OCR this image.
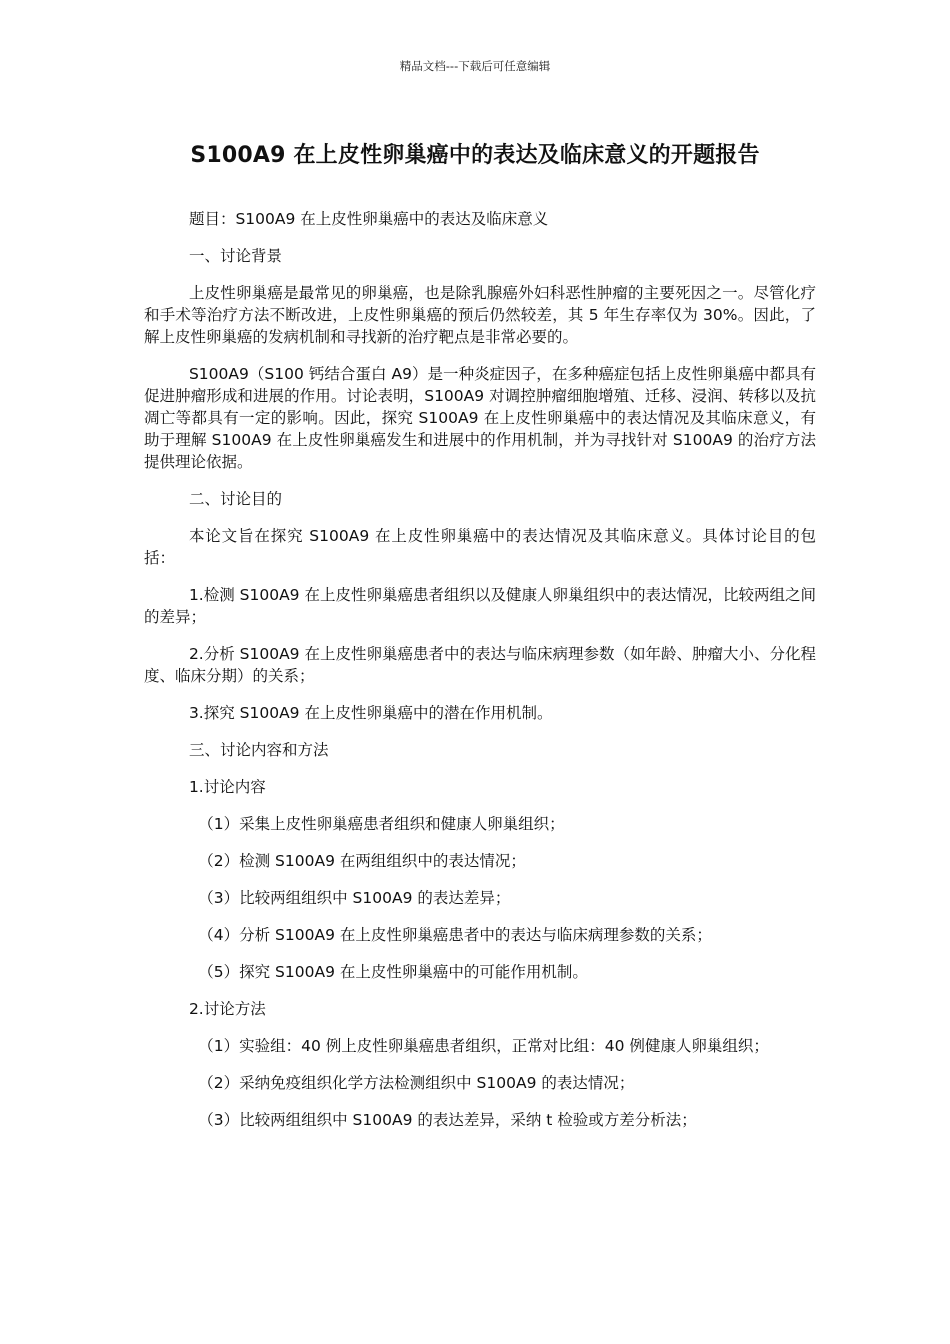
精品文档---下载后可任意编辑
S100A9 在上皮性卵巢癌中的表达及临床意义的开题报告

题目：S100A9 在上皮性卵巢癌中的表达及临床意义

一、讨论背景

上皮性卵巢癌是最常见的卵巢癌，也是除乳腺癌外妇科恶性肿瘤的主要死因之一。尽管化疗和手术等治疗方法不断改进，上皮性卵巢癌的预后仍然较差，其 5 年生存率仅为 30%。因此，了解上皮性卵巢癌的发病机制和寻找新的治疗靶点是非常必要的。

S100A9（S100 钙结合蛋白 A9）是一种炎症因子，在多种癌症包括上皮性卵巢癌中都具有促进肿瘤形成和进展的作用。讨论表明，S100A9 对调控肿瘤细胞增殖、迁移、浸润、转移以及抗凋亡等都具有一定的影响。因此，探究 S100A9 在上皮性卵巢癌中的表达情况及其临床意义，有助于理解 S100A9 在上皮性卵巢癌发生和进展中的作用机制，并为寻找针对 S100A9 的治疗方法提供理论依据。

二、讨论目的

本论文旨在探究 S100A9 在上皮性卵巢癌中的表达情况及其临床意义。具体讨论目的包括：

1.检测 S100A9 在上皮性卵巢癌患者组织以及健康人卵巢组织中的表达情况，比较两组之间的差异；

2.分析 S100A9 在上皮性卵巢癌患者中的表达与临床病理参数（如年龄、肿瘤大小、分化程度、临床分期）的关系；

3.探究 S100A9 在上皮性卵巢癌中的潜在作用机制。

三、讨论内容和方法

1.讨论内容

（1）采集上皮性卵巢癌患者组织和健康人卵巢组织；

（2）检测 S100A9 在两组组织中的表达情况；

（3）比较两组组织中 S100A9 的表达差异；

（4）分析 S100A9 在上皮性卵巢癌患者中的表达与临床病理参数的关系；

（5）探究 S100A9 在上皮性卵巢癌中的可能作用机制。

2.讨论方法

（1）实验组：40 例上皮性卵巢癌患者组织，正常对比组：40 例健康人卵巢组织；

（2）采纳免疫组织化学方法检测组织中 S100A9 的表达情况；

（3）比较两组组织中 S100A9 的表达差异，采纳 t 检验或方差分析法；
